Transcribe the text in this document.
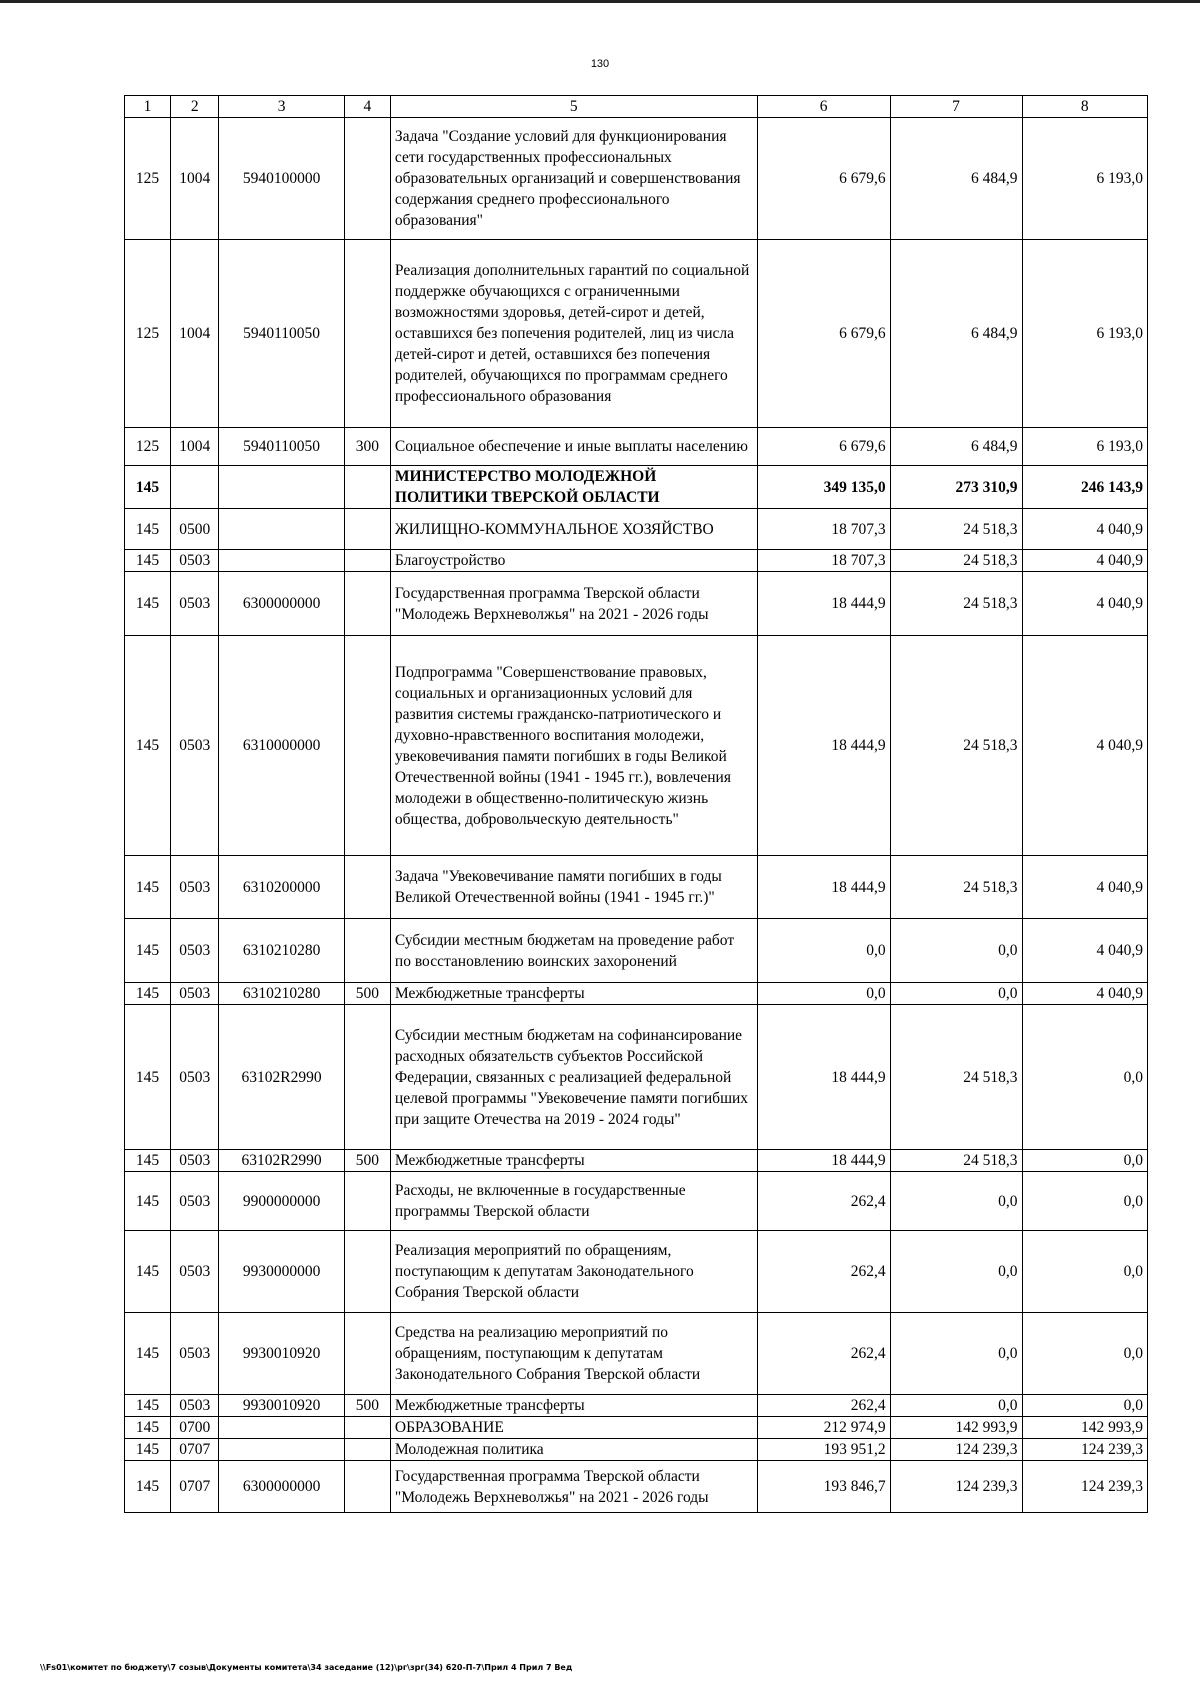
130
1	2	3	4	5	6	7	8
125	1004	5940100000		Задача "Создание условий для функционирования сети государственных профессиональных образовательных организаций и совершенствования содержания среднего профессионального образования"	6 679,6	6 484,9	6 193,0
125	1004	5940110050		Реализация дополнительных гарантий по социальной поддержке обучающихся с ограниченными возможностями здоровья, детей-сирот и детей, оставшихся без попечения родителей, лиц из числа детей-сирот и детей, оставшихся без попечения родителей, обучающихся по программам среднего профессионального образования	6 679,6	6 484,9	6 193,0
125	1004	5940110050	300	Социальное обеспечение и иные выплаты населению	6 679,6	6 484,9	6 193,0
145				МИНИСТЕРСТВО МОЛОДЕЖНОЙ ПОЛИТИКИ ТВЕРСКОЙ ОБЛАСТИ	349 135,0	273 310,9	246 143,9
145	0500			ЖИЛИЩНО-КОММУНАЛЬНОЕ ХОЗЯЙСТВО	18 707,3	24 518,3	4 040,9
145	0503			Благоустройство	18 707,3	24 518,3	4 040,9
145	0503	6300000000		Государственная программа Тверской области "Молодежь Верхневолжья" на 2021 - 2026 годы	18 444,9	24 518,3	4 040,9
145	0503	6310000000		Подпрограмма "Совершенствование правовых, социальных и организационных условий для развития системы гражданско-патриотического и духовно-нравственного воспитания молодежи, увековечивания памяти погибших в годы Великой Отечественной войны (1941 - 1945 гг.), вовлечения молодежи в общественно-политическую жизнь общества, добровольческую деятельность"	18 444,9	24 518,3	4 040,9
145	0503	6310200000		Задача "Увековечивание памяти погибших в годы Великой Отечественной войны (1941 - 1945 гг.)"	18 444,9	24 518,3	4 040,9
145	0503	6310210280		Субсидии местным бюджетам на проведение работ по восстановлению воинских захоронений	0,0	0,0	4 040,9
145	0503	6310210280	500	Межбюджетные трансферты	0,0	0,0	4 040,9
145	0503	63102R2990		Субсидии местным бюджетам на софинансирование расходных обязательств субъектов Российской Федерации, связанных с реализацией федеральной целевой программы "Увековечение памяти погибших при защите Отечества на 2019 - 2024 годы"	18 444,9	24 518,3	0,0
145	0503	63102R2990	500	Межбюджетные трансферты	18 444,9	24 518,3	0,0
145	0503	9900000000		Расходы, не включенные в государственные программы Тверской области	262,4	0,0	0,0
145	0503	9930000000		Реализация мероприятий по обращениям, поступающим к депутатам Законодательного Собрания Тверской области	262,4	0,0	0,0
145	0503	9930010920		Средства на реализацию мероприятий по обращениям, поступающим к депутатам Законодательного Собрания Тверской области	262,4	0,0	0,0
145	0503	9930010920	500	Межбюджетные трансферты	262,4	0,0	0,0
145	0700			ОБРАЗОВАНИЕ	212 974,9	142 993,9	142 993,9
145	0707			Молодежная политика	193 951,2	124 239,3	124 239,3
145	0707	6300000000		Государственная программа Тверской области "Молодежь Верхневолжья" на 2021 - 2026 годы	193 846,7	124 239,3	124 239,3
\\Fs01\комитет по бюджету\7 созыв\Документы комитета\34 заседание (12)\рг\зрг(34) 620-П-7\Прил 4 Прил 7 Вед
